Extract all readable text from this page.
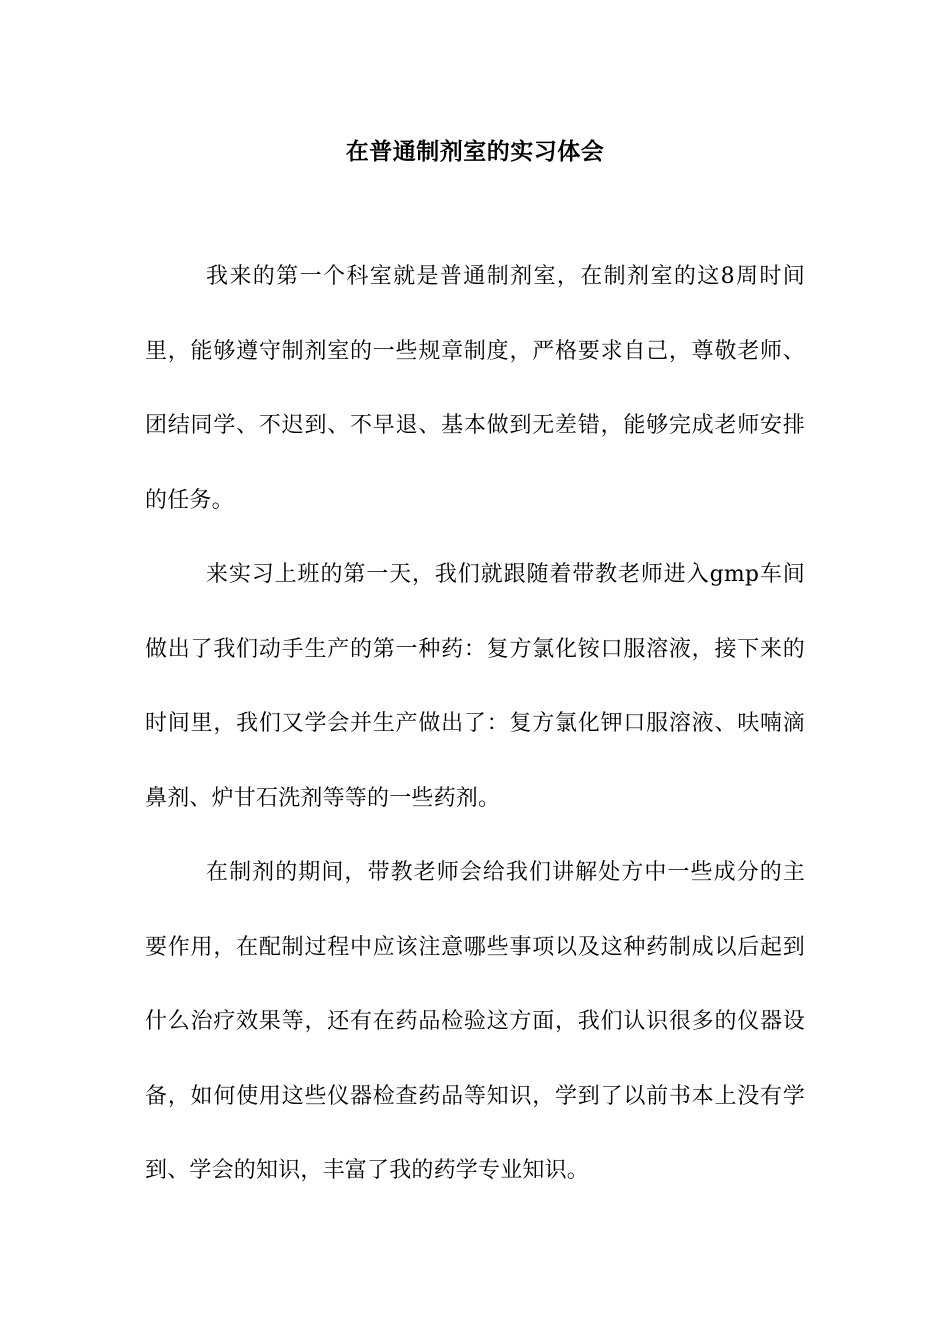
在普通制剂室的实习体会

我来的第一个科室就是普通制剂室，在制剂室的这8周时间里，能够遵守制剂室的一些规章制度，严格要求自己，尊敬老师、团结同学、不迟到、不早退、基本做到无差错，能够完成老师安排的任务。

来实习上班的第一天，我们就跟随着带教老师进入gmp车间做出了我们动手生产的第一种药：复方氯化铵口服溶液，接下来的时间里，我们又学会并生产做出了：复方氯化钾口服溶液、呋喃滴鼻剂、炉甘石洗剂等等的一些药剂。

在制剂的期间，带教老师会给我们讲解处方中一些成分的主要作用，在配制过程中应该注意哪些事项以及这种药制成以后起到什么治疗效果等，还有在药品检验这方面，我们认识很多的仪器设备，如何使用这些仪器检查药品等知识，学到了以前书本上没有学到、学会的知识，丰富了我的药学专业知识。
